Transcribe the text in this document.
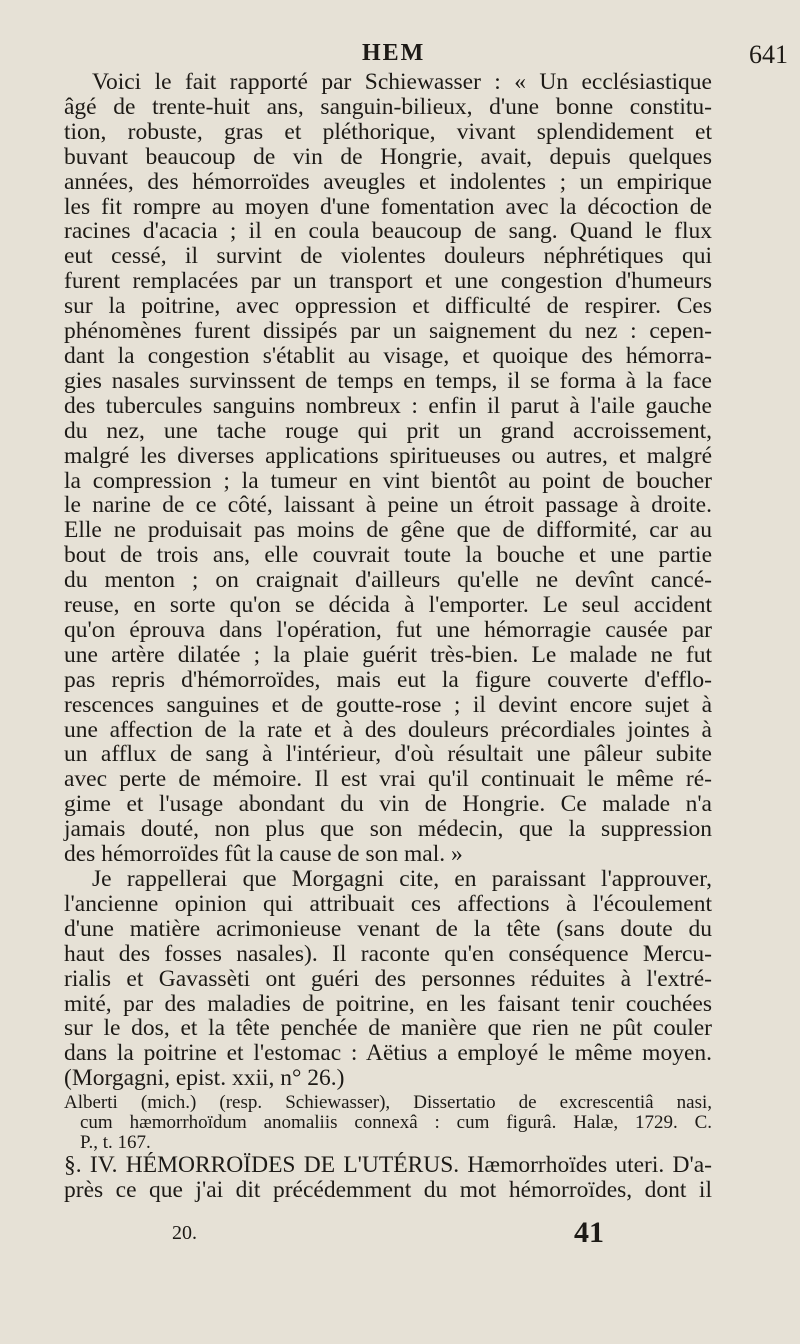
HEM	641
Voici le fait rapporté par Schiewasser : « Un ecclésiastique
âgé de trente-huit ans, sanguin-bilieux, d'une bonne constitu-
tion, robuste, gras et pléthorique, vivant splendidement et
buvant beaucoup de vin de Hongrie, avait, depuis quelques
années, des hémorroïdes aveugles et indolentes ; un empirique
les fit rompre au moyen d'une fomentation avec la décoction de
racines d'acacia ; il en coula beaucoup de sang. Quand le flux
eut cessé, il survint de violentes douleurs néphrétiques qui
furent remplacées par un transport et une congestion d'humeurs
sur la poitrine, avec oppression et difficulté de respirer. Ces
phénomènes furent dissipés par un saignement du nez : cepen-
dant la congestion s'établit au visage, et quoique des hémorra-
gies nasales survinssent de temps en temps, il se forma à la face
des tubercules sanguins nombreux : enfin il parut à l'aile gauche
du nez, une tache rouge qui prit un grand accroissement,
malgré les diverses applications spiritueuses ou autres, et malgré
la compression ; la tumeur en vint bientôt au point de boucher
le narine de ce côté, laissant à peine un étroit passage à droite.
Elle ne produisait pas moins de gêne que de difformité, car au
bout de trois ans, elle couvrait toute la bouche et une partie
du menton ; on craignait d'ailleurs qu'elle ne devînt cancé-
reuse, en sorte qu'on se décida à l'emporter. Le seul accident
qu'on éprouva dans l'opération, fut une hémorragie causée par
une artère dilatée ; la plaie guérit très-bien. Le malade ne fut
pas repris d'hémorroïdes, mais eut la figure couverte d'efflo-
rescences sanguines et de goutte-rose ; il devint encore sujet à
une affection de la rate et à des douleurs précordiales jointes à
un afflux de sang à l'intérieur, d'où résultait une pâleur subite
avec perte de mémoire. Il est vrai qu'il continuait le même ré-
gime et l'usage abondant du vin de Hongrie. Ce malade n'a
jamais douté, non plus que son médecin, que la suppression
des hémorroïdes fût la cause de son mal. »
Je rappellerai que Morgagni cite, en paraissant l'approuver,
l'ancienne opinion qui attribuait ces affections à l'écoulement
d'une matière acrimonieuse venant de la tête (sans doute du
haut des fosses nasales). Il raconte qu'en conséquence Mercu-
rialis et Gavassèti ont guéri des personnes réduites à l'extré-
mité, par des maladies de poitrine, en les faisant tenir couchées
sur le dos, et la tête penchée de manière que rien ne pût couler
dans la poitrine et l'estomac : Aëtius a employé le même moyen.
(Morgagni, epist. xxii, n° 26.)
Alberti (mich.) (resp. Schiewasser), Dissertatio de excrescentiâ nasi,
cum hæmorrhoïdum anomaliis connexâ : cum figurâ. Halæ, 1729. C.
P., t. 167.
§. IV. HÉMORROÏDES DE L'UTÉRUS. Hæmorrhoïdes uteri. D'a-
près ce que j'ai dit précédemment du mot hémorroïdes, dont il
20.	41
